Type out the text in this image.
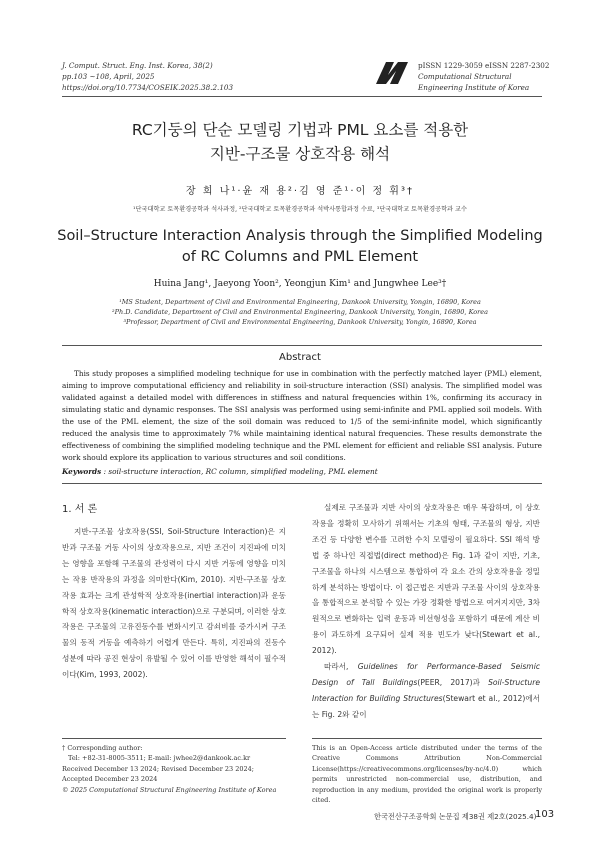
J. Comput. Struct. Eng. Inst. Korea, 38(2)
pp.103 ~108, April, 2025
https://doi.org/10.7734/COSEIK.2025.38.2.103
pISSN 1229-3059 eISSN 2287-2302
Computational Structural
Engineering Institute of Korea
RC기둥의 단순 모델링 기법과 PML 요소를 적용한
지반-구조물 상호작용 해석
장 희 나¹·윤 재 용²·김 영 준¹·이 정 휘³†
¹단국대학교 토목환경공학과 석사과정, ²단국대학교 토목환경공학과 석박사통합과정 수료, ³단국대학교 토목환경공학과 교수
Soil–Structure Interaction Analysis through the Simplified Modeling
of RC Columns and PML Element
Huina Jang¹, Jaeyong Yoon², Yeongjun Kim¹ and Jungwhee Lee³†
¹MS Student, Department of Civil and Environmental Engineering, Dankook University, Yongin, 16890, Korea
²Ph.D. Candidate, Department of Civil and Environmental Engineering, Dankook University, Yongin, 16890, Korea
³Professor, Department of Civil and Environmental Engineering, Dankook University, Yongin, 16890, Korea
Abstract
This study proposes a simplified modeling technique for use in combination with the perfectly matched layer (PML) element, aiming to improve computational efficiency and reliability in soil-structure interaction (SSI) analysis. The simplified model was validated against a detailed model with differences in stiffness and natural frequencies within 1%, confirming its accuracy in simulating static and dynamic responses. The SSI analysis was performed using semi-infinite and PML applied soil models. With the use of the PML element, the size of the soil domain was reduced to 1/5 of the semi-infinite model, which significantly reduced the analysis time to approximately 7% while maintaining identical natural frequencies. These results demonstrate the effectiveness of combining the simplified modeling technique and the PML element for efficient and reliable SSI analysis. Future work should explore its application to various structures and soil conditions.
Keywords : soil-structure interaction, RC column, simplified modeling, PML element
1. 서 론

지반-구조물 상호작용(SSI, Soil-Structure Interaction)은 지반과 구조물 거동 사이의 상호작용으로, 지반 조건이 지진파에 미치는 영향을 포함해 구조물의 관성력이 다시 지반 거동에 영향을 미치는 작용 반작용의 과정을 의미한다(Kim, 2010). 지반-구조물 상호작용 효과는 크게 관성학적 상호작용(inertial interaction)과 운동학적 상호작용(kinematic interaction)으로 구분되며, 이러한 상호작용은 구조물의 고유진동수를 변화시키고 감쇠비를 증가시켜 구조물의 동적 거동을 예측하기 어렵게 만든다. 특히, 지진파의 진동수 성분에 따라 공진 현상이 유발될 수 있어 이를 반영한 해석이 필수적이다(Kim, 1993, 2002).

실제로 구조물과 지반 사이의 상호작용은 매우 복잡하며, 이 상호작용을 정확히 모사하기 위해서는 기초의 형태, 구조물의 형상, 지반 조건 등 다양한 변수를 고려한 수치 모델링이 필요하다. SSI 해석 방법 중 하나인 직접법(direct method)은 Fig. 1과 같이 지반, 기초, 구조물을 하나의 시스템으로 통합하여 각 요소 간의 상호작용을 정밀하게 분석하는 방법이다. 이 접근법은 지반과 구조물 사이의 상호작용을 통합적으로 분석할 수 있는 가장 정확한 방법으로 여겨지지만, 3차원적으로 변화하는 입력 운동과 비선형성을 포함하기 때문에 계산 비용이 과도하게 요구되어 실제 적용 빈도가 낮다(Stewart et al., 2012).

따라서, Guidelines for Performance-Based Seismic Design of Tall Buildings(PEER, 2017)과 Soil-Structure Interaction for Building Structures(Stewart et al., 2012)에서는 Fig. 2와 같이

† Corresponding author:
Tel: +82-31-8005-3511; E-mail: jwhee2@dankook.ac.kr
Received December 13 2024; Revised December 23 2024;
Accepted December 23 2024
© 2025 Computational Structural Engineering Institute of Korea
This is an Open-Access article distributed under the terms of the Creative Commons Attribution Non-Commercial License(https://creativecommons.org/licenses/by-nc/4.0) which permits unrestricted non-commercial use, distribution, and reproduction in any medium, provided the original work is properly cited.
한국전산구조공학회 논문집 제38권 제2호(2025.4)
103
